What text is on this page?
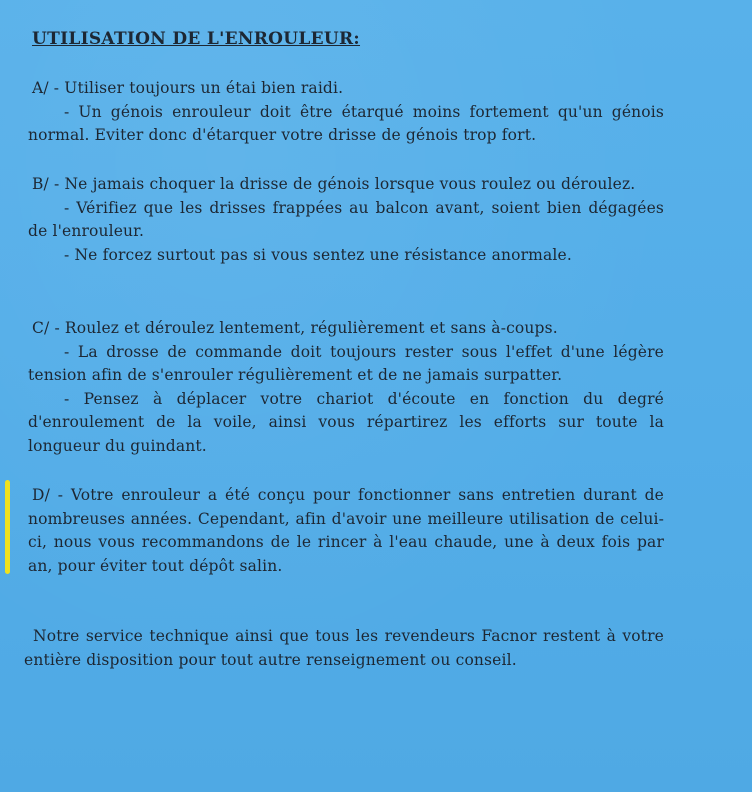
UTILISATION DE L'ENROULEUR:

A/ - Utiliser toujours un étai bien raidi.

- Un génois enrouleur doit être étarqué moins fortement qu'un génois normal. Eviter donc d'étarquer votre drisse de génois trop fort.

B/ - Ne jamais choquer la drisse de génois lorsque vous roulez ou déroulez.

- Vérifiez que les drisses frappées au balcon avant, soient bien dégagées de l'enrouleur.

- Ne forcez surtout pas si vous sentez une résistance anormale.

C/ - Roulez et déroulez lentement, régulièrement et sans à-coups.

- La drosse de commande doit toujours rester sous l'effet d'une légère tension afin de s'enrouler régulièrement et de ne jamais surpatter.

- Pensez à déplacer votre chariot d'écoute en fonction du degré d'enroulement de la voile, ainsi vous répartirez les efforts sur toute la longueur du guindant.

D/ - Votre enrouleur a été conçu pour fonctionner sans entretien durant de nombreuses années. Cependant, afin d'avoir une meilleure utilisation de celui-ci, nous vous recommandons de le rincer à l'eau chaude, une à deux fois par an, pour éviter tout dépôt salin.

Notre service technique ainsi que tous les revendeurs Facnor restent à votre entière disposition pour tout autre renseignement ou conseil.
